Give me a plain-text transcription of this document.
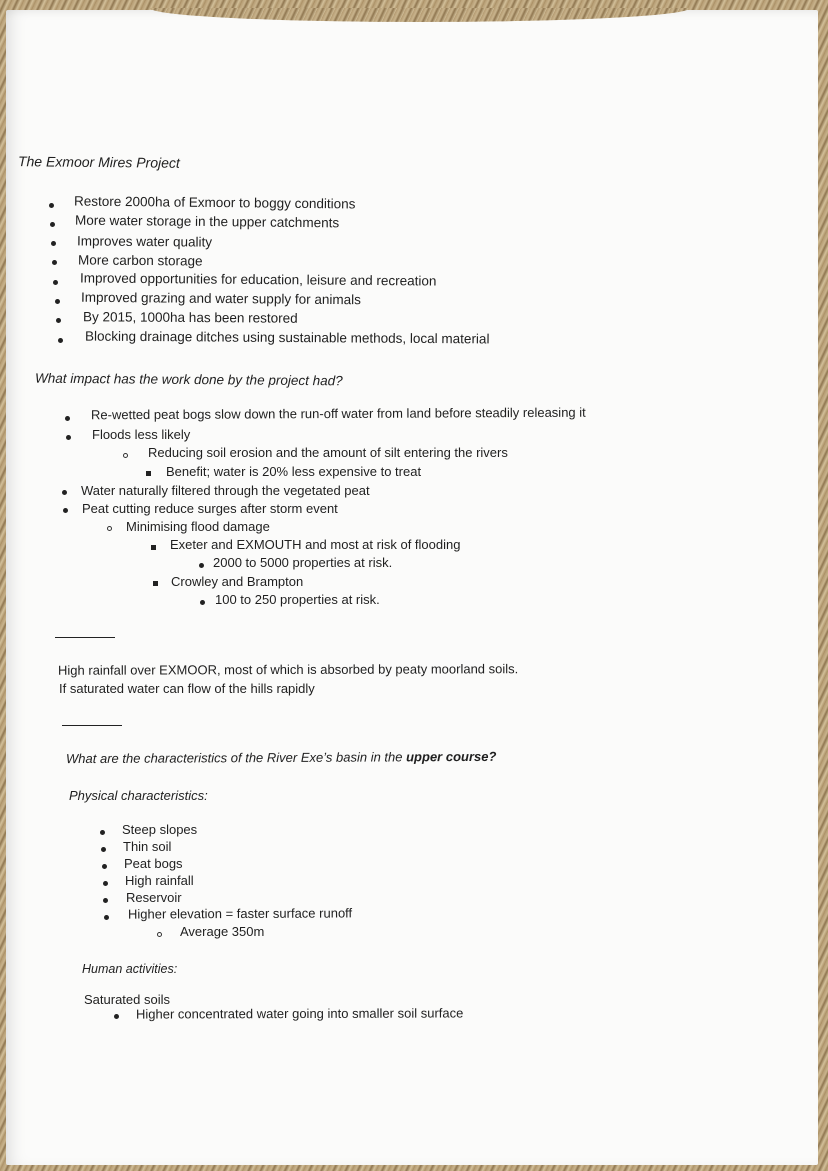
The Exmoor Mires Project
Restore 2000ha of Exmoor to boggy conditions
More water storage in the upper catchments
Improves water quality
More carbon storage
Improved opportunities for education, leisure and recreation
Improved grazing and water supply for animals
By 2015, 1000ha has been restored
Blocking drainage ditches using sustainable methods, local material
What impact has the work done by the project had?
Re-wetted peat bogs slow down the run-off water from land before steadily releasing it
Floods less likely
Reducing soil erosion and the amount of silt entering the rivers
Benefit; water is 20% less expensive to treat
Water naturally filtered through the vegetated peat
Peat cutting reduce surges after storm event
Minimising flood damage
Exeter and EXMOUTH and most at risk of flooding
2000 to 5000 properties at risk.
Crowley and Brampton
100 to 250 properties at risk.
High rainfall over EXMOOR, most of which is absorbed by peaty moorland soils.
If saturated water can flow of the hills rapidly
What are the characteristics of the River Exe’s basin in the upper course?
Physical characteristics:
Steep slopes
Thin soil
Peat bogs
High rainfall
Reservoir
Higher elevation = faster surface runoff
Average 350m
Human activities:
Saturated soils
Higher concentrated water going into smaller soil surface
